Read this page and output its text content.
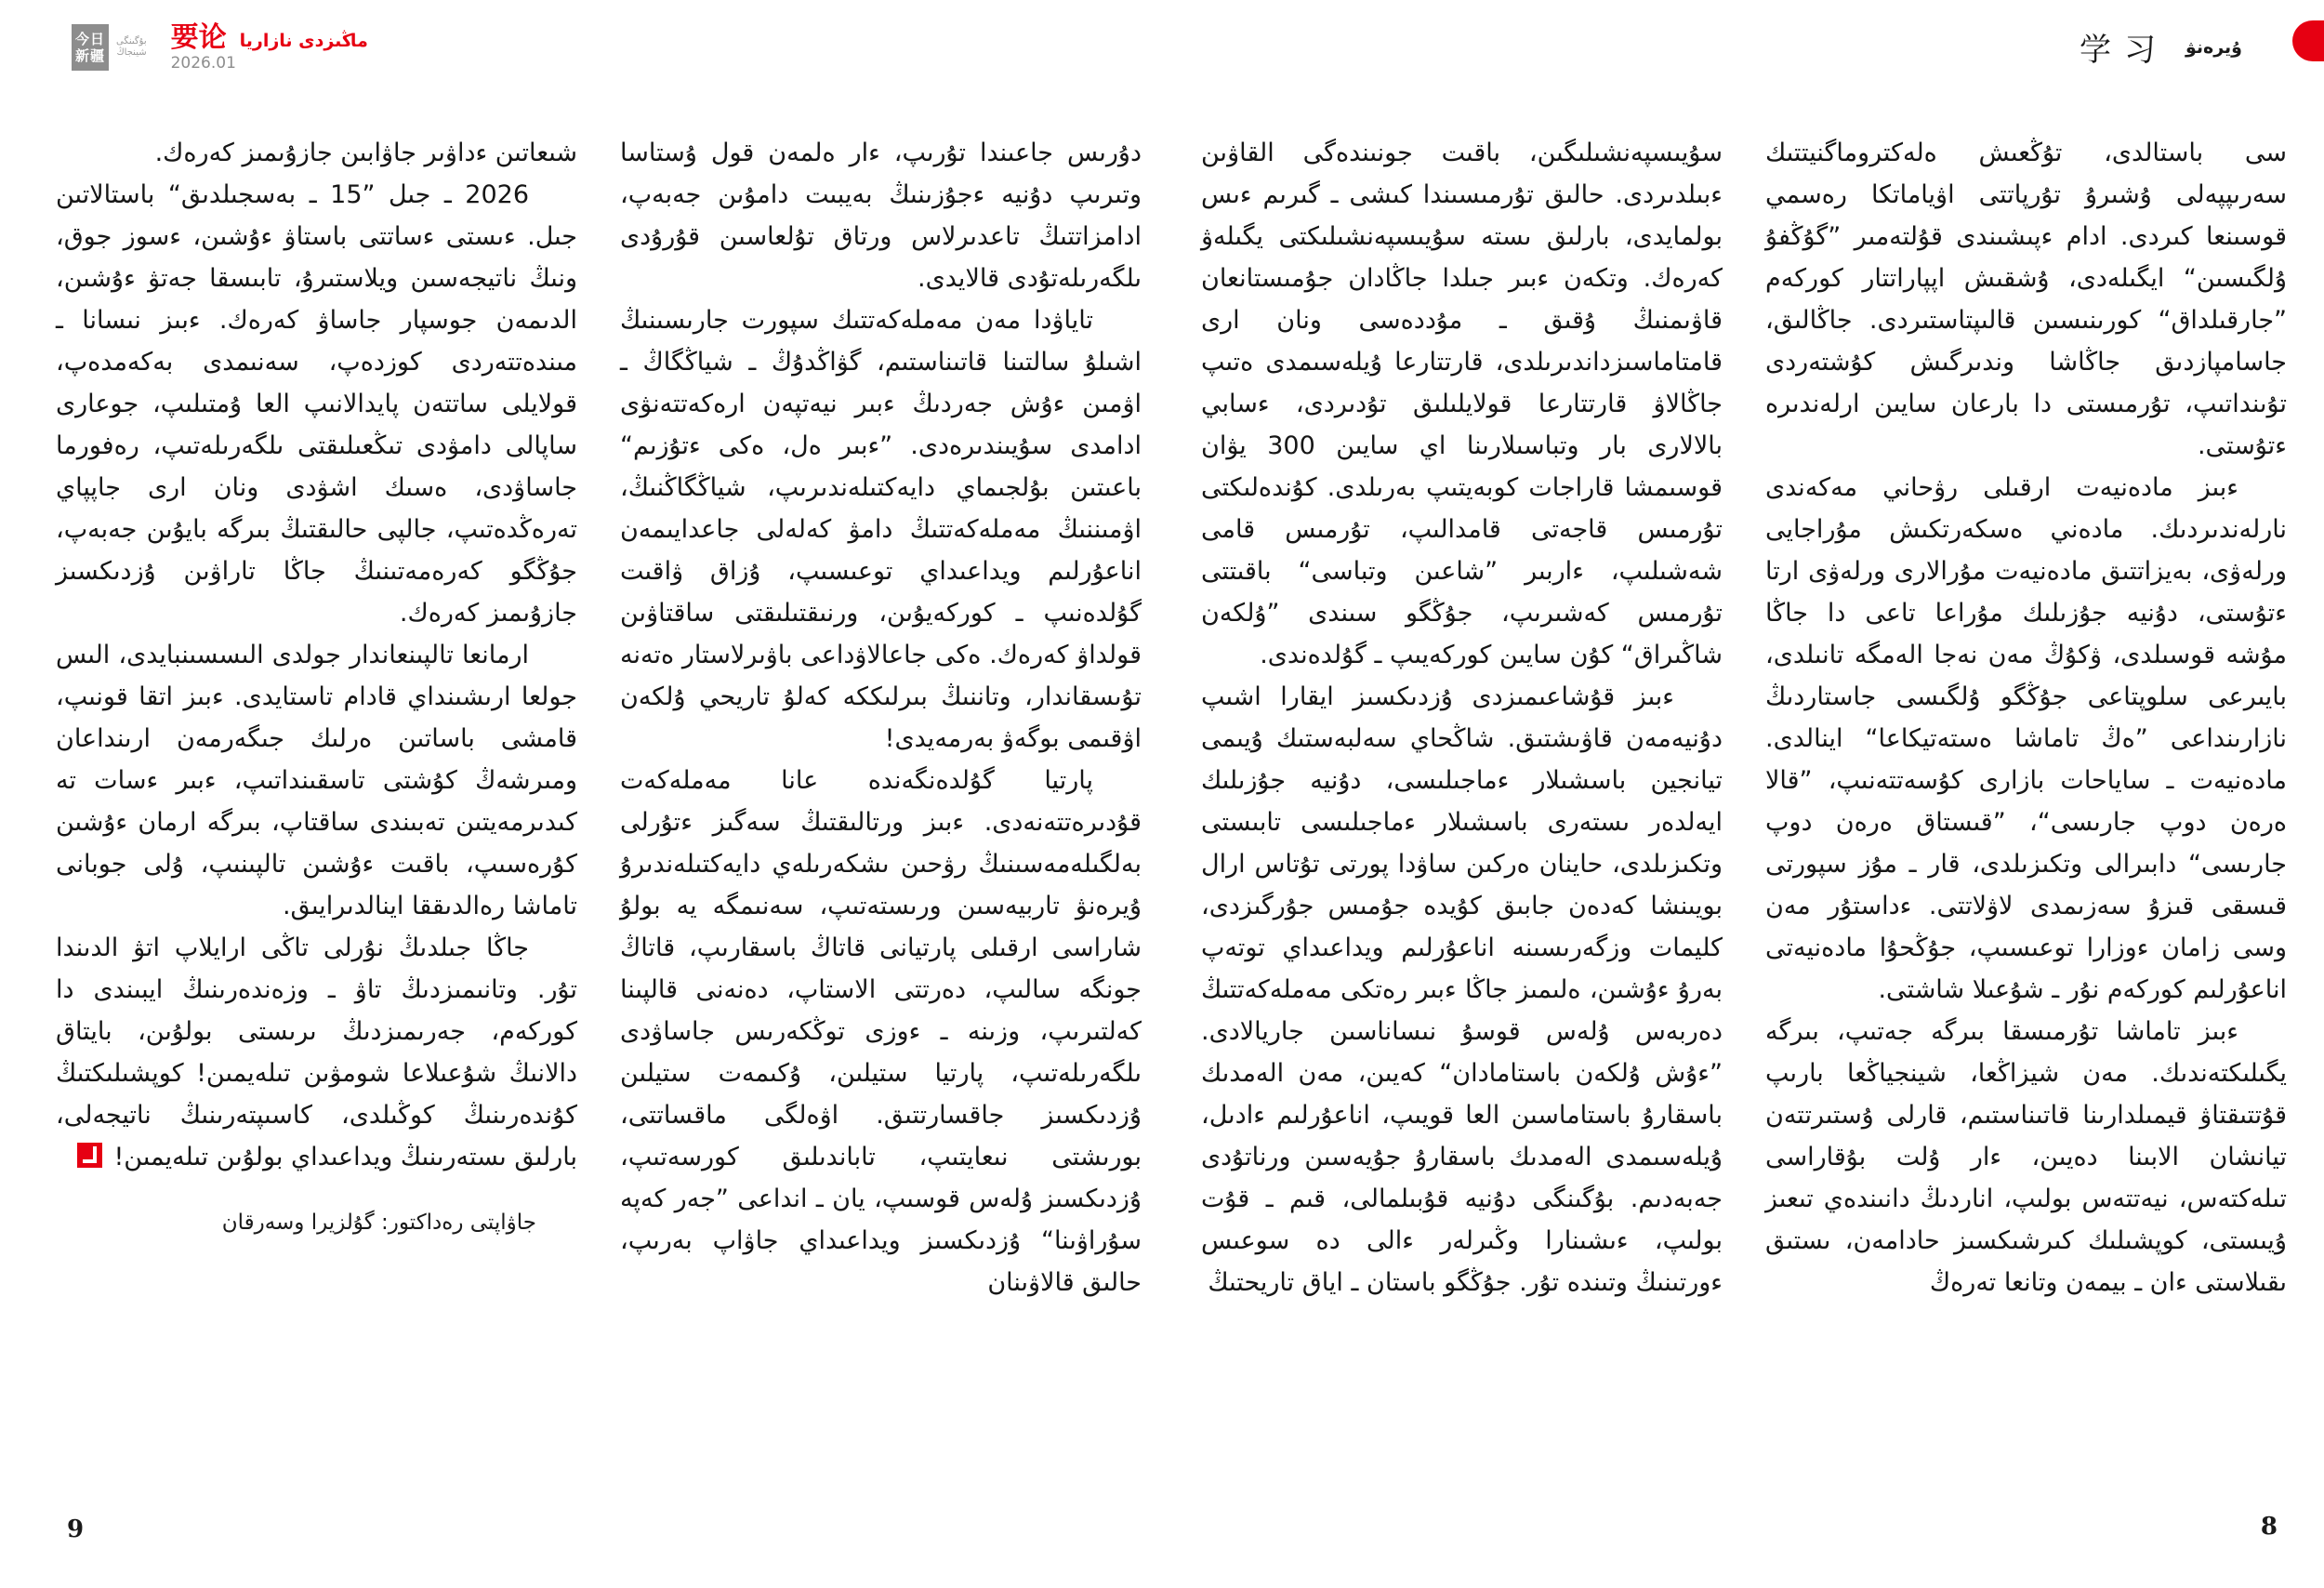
今日
新疆
بۇگىنگى
شينجاڭ 要论 ماڭىزدى نازاريا
2026.01	学习 ۇيرەنۋ

سى باستالدى، تۇڭعىش ەلەكتروماگنيتتىك سەرىپپەلى ۇشىرۇ تۇرپاتتى اۋياماتكا رەسمي قوسىنعا كىردى. ادام ءپىشىندى قۇلتەمىر ”گۇڭفۇ ۇلگىسىن“ ايگىلەدى، ۇشقىش اپپاراتتار كوركەم ”جارقىلداق“ كورىنىسىن قالىپتاستىردى. جاڭالىق، جاسامپازدىق جاڭاشا وندىرگىش كۇشتەردى تۇىنداتىپ، تۇرمىستى دا بارعان سايىن ارلەندىرە ءتۇستى.

ءبىز مادەنيەت ارقىلى رۋحاني مەكەندى نارلەندىردىك. مادەني ەسكەرتكىش مۇراجايى ورلەۋى، بەيزاتتىق مادەنيەت مۇرالارى ورلەۋى ارتا ءتۇستى، دۇنيە جۇزىلىك مۇراعا تاعى دا جاڭا مۇشە قوسىلدى، ۋكۇڭ مەن نەجا الەمگە تانىلدى، بايىرعى سلوپتاعى جۇڭگو ۇلگىسى جاستاردىڭ نازارىنداعى ”ەڭ تاماشا ەستەتيكاعا“ اينالدى. مادەنيەت ـ ساياحات بازارى كۇسەتتەنىپ، ”قالا ەرەن دوپ جارىسى“، ”قىستاق ەرەن دوپ جارىسى“ دابىرالى وتكىزىلدى، قار ـ مۇز سپورتى قىسقى قىزۇ سەزىمدى لاۋلاتتى. ءداستۇر مەن وسى زامان ءوزارا توعىسىپ، جۇڭحۇا مادەنيەتى اناعۇرلىم كوركەم نۇر ـ شۇعىلا شاشتى.

ءبىز تاماشا تۇرمىسقا بىرگە جەتىپ، بىرگە يگىلىكتەندىك. مەن شيزاڭعا، شينجياڭعا بارىپ قۇتتىقتاۋ قيمىلدارىنا قاتىناستىم، قارلى ۇستىرتتەن تيانشان الابىنا دەيىن، ءار ۇلت بۇقاراسى تىلەكتەس، نيەتتەس بولىپ، اناردىڭ دانىندەي تىعىز ۇيىستى، كوپشىلىك كىرشىكسىز حادامەن، ىستىق ىقىلاستى ءان ـ بيمەن وتانعا تەرەڭ

سۇيىسپەنشىلىگىن، باقىت جونىندەگى القاۋىن ءبىلدىردى. حالىق تۇرمىسىندا كىشى ـ گىرىم ءىس بولمايدى، بارلىق ىستە سۇيىسپەنشىلىكتى يگىلەۋ كەرەك. وتكەن ءبىر جىلدا جاڭادان جۇمىستانعان قاۋىمنىڭ ۇقىق ـ مۇددەسى ونان ارى قامتاماسىزداندىرىلدى، قارتتارعا ۇيلەسىمدى ەتىپ جاڭالاۋ قارتتارعا قولايلىلىق تۇدىردى، ءسابي بالالارى بار وتباسىلارىنا اي سايىن 300 يۋان قوسىمشا قاراجات كوبەيتىپ بەرىلدى. كۇندەلىكتى تۇرمىس قاجەتى قامدالىپ، تۇرمىس قامى شەشىلىپ، ءاربىر ”شاعىن وتباسى“ باقىتتى تۇرمىس كەشىرىپ، جۇڭگو سىندى ”ۇلكەن شاڭىراق“ كۇن سايىن كوركەيىپ ـ گۇلدەندى.

ءبىز قۇشاعىمىزدى ۇزدىكسىز ايقارا اشىپ دۇنيەمەن قاۋىشتىق. شاڭحاي سەلبەستىك ۇيىمى تيانجين باسشىلار ءماجىلىسى، دۇنيە جۇزىلىك ايەلدەر ىستەرى باسشىلار ءماجىلىسى تابىستى وتكىزىلدى، حاينان ەركىن ساۋدا پورتى تۇتاس ارال بويىنشا كەدەن جابىق كۇيدە جۇمىس جۇرگىزدى، كليمات وزگەرىسىنە اناعۇرلىم ويداعىداي توتەپ بەرۇ ءۇشىن، ەلىمىز جاڭا ءبىر رەتكى مەملەكەتتىڭ دەربەس ۇلەس قوسۇ نىساناسىن جاريالادى. ”ءۇش ۇلكەن باستامادان“ كەيىن، مەن الەمدىك باسقارۇ باستاماسىن العا قويىپ، اناعۇرلىم ءادىل، ۇيلەسىمدى الەمدىك باسقارۇ جۇيەسىن ورناتۇدى جەبەدىم. بۇگىنگى دۇنيە قۇبىلمالى، قىم ـ قۇت بولىپ، ءىشىنارا وڭىرلەر ءالى دە سوعىس ءورتىنىڭ وتىندە تۇر. جۇڭگو باستان ـ اياق تاريحتىڭ

دۇرىس جاعىندا تۇرىپ، ءار ەلمەن قول ۇستاسا وتىرىپ دۇنيە ءجۇزىنىڭ بەيبىت دامۇىن جەبەپ، ادامزاتتىڭ تاعدىرلاس ورتاق تۇلعاسىن قۇرۇدى ىلگەرىلەتۇدى قالايدى.

تاياۋدا مەن مەملەكەتتىك سپورت جارىسىنىڭ اشىلۇ سالتىنا قاتىناستىم، گۋاڭدۇڭ ـ شياڭگاڭ ـ اۋمىن ءۇش جەردىڭ ءبىر نيەتپەن ارەكەتتەنۋى ادامدى سۇيىندىرەدى. ”ءبىر ەل، ەكى ءتۇزىم“ باعىتىن بۇلجىماي دايەكتىلەندىرىپ، شياڭگاڭنىڭ، اۋمىننىڭ مەملەكەتتىڭ دامۋ كەلەلى جاعدايىمەن اناعۇرلىم ويداعىداي توعىسىپ، ۇزاق ۋاقىت گۇلدەنىپ ـ كوركەيۇىن، ورنىقتىلىقتى ساقتاۋىن قولداۋ كەرەك. ەكى جاعالاۋداعى باۋىرلاستار ەتەنە تۇىسقاندار، وتاننىڭ بىرلىككە كەلۇ تاريحي ۇلكەن اۋقىمى بوگەۋ بەرمەيدى!

پارتيا گۇلدەنگەندە عانا مەملەكەت قۇدىرەتتەنەدى. ءبىز ورتالىقتىڭ سەگىز ءتۇرلى بەلگىلەمەسىنىڭ رۋحىن ىشكەرىلەي دايەكتىلەندىرۇ ۇيرەنۋ تاربيەسىن ورىستەتىپ، سەنىمگە يە بولۇ شاراسى ارقىلى پارتيانى قاتاڭ باسقارىپ، قاتاڭ جونگە سالىپ، دەرتتى الاستاپ، دەنەنى قالپىنا كەلتىرىپ، وزىنە ـ ءوزى توڭكەرىس جاساۋدى ىلگەرىلەتىپ، پارتيا ستيلىن، ۇكىمەت ستيلىن ۇزدىكسىز جاقسارتتىق. اۋەلگى ماقساتتى، بورىشتى نىعايتىپ، تاباندىلىق كورسەتىپ، ۇزدىكسىز ۇلەس قوسىپ، يان ـ انداعى ”جەر كەپە سۇراۋىنا“ ۇزدىكسىز ويداعىداي جاۋاپ بەرىپ، حالىق قالاۋىنان

شىعاتىن ءداۋىر جاۋابىن جازۇىمىز كەرەك.

2026 ـ جىل ”15 ـ بەسجىلدىق“ باستالاتىن جىل. ءىستى ءساتتى باستاۋ ءۇشىن، ءسوز جوق، ونىڭ ناتيجەسىن ويلاستىرۇ، تابىسقا جەتۋ ءۇشىن، الدىمەن جوسپار جاساۋ كەرەك. ءبىز نىسانا ـ مىندەتتەردى كوزدەپ، سەنىمدى بەكەمدەپ، قولايلى ساتتەن پايدالانىپ العا ۇمتىلىپ، جوعارى ساپالى دامۋدى تىڭعىلىقتى ىلگەرىلەتىپ، رەفورما جاساۋدى، ەسىك اشۋدى ونان ارى جاپپاي تەرەڭدەتىپ، جالپى حالىقتىڭ بىرگە بايۇىن جەبەپ، جۇڭگو كەرەمەتىنىڭ جاڭا تاراۋىن ۇزدىكسىز جازۇىمىز كەرەك.

ارمانعا تالپىنعاندار جولدى الىسسىنبايدى، الىس جولعا ارىشىنداي قادام تاستايدى. ءبىز اتقا قونىپ، قامشى باساتىن ەرلىك جىگەرمەن ارىنداعان ومىرشەڭ كۇشتى تاسقىنداتىپ، ءبىر ءسات تە كىدىرمەيتىن تەبىندى ساقتاپ، بىرگە ارمان ءۇشىن كۇرەسىپ، باقىت ءۇشىن تالپىنىپ، ۇلى جوبانى تاماشا رەالدىققا اينالدىرايىق.

جاڭا جىلدىڭ نۇرلى تاڭى ارايلاپ اتۋ الدىندا تۇر. وتانىمىزدىڭ تاۋ ـ وزەندەرىنىڭ ايبىندى دا كوركەم، جەرىمىزدىڭ ىرىستى بولۇىن، بايتاق دالانىڭ شۇعىلاعا شومۋىن تىلەيمىن! كوپشىلىكتىڭ كۇندەرىنىڭ كوڭىلدى، كاسىپتەرىنىڭ ناتيجەلى، بارلىق ىستەرىنىڭ ويداعىداي بولۇىن تىلەيمىن!

جاۋاپتى رەداكتور: گۇلزيرا وسەرقان
9	8
